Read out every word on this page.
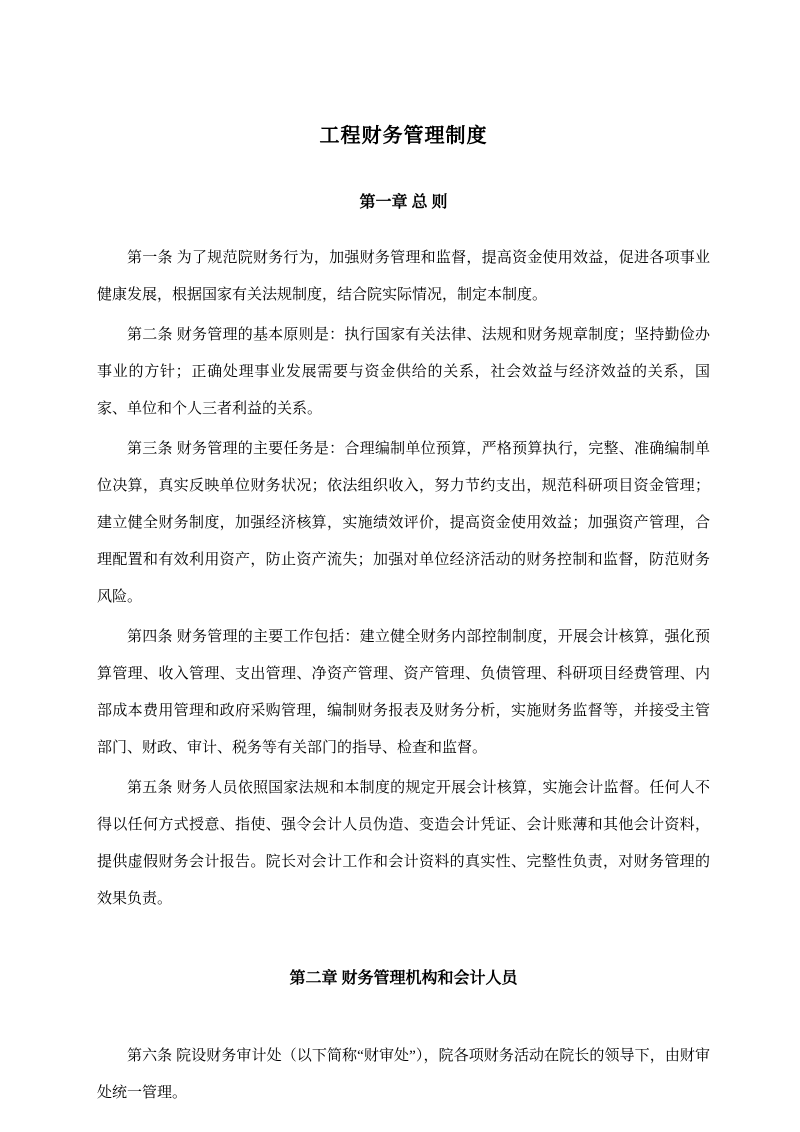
工程财务管理制度
第一章 总 则

第一条 为了规范院财务行为，加强财务管理和监督，提高资金使用效益，促进各项事业健康发展，根据国家有关法规制度，结合院实际情况，制定本制度。

第二条 财务管理的基本原则是：执行国家有关法律、法规和财务规章制度；坚持勤俭办事业的方针；正确处理事业发展需要与资金供给的关系，社会效益与经济效益的关系，国家、单位和个人三者利益的关系。

第三条 财务管理的主要任务是：合理编制单位预算，严格预算执行，完整、准确编制单位决算，真实反映单位财务状况；依法组织收入，努力节约支出，规范科研项目资金管理；建立健全财务制度，加强经济核算，实施绩效评价，提高资金使用效益；加强资产管理，合理配置和有效利用资产，防止资产流失；加强对单位经济活动的财务控制和监督，防范财务风险。

第四条 财务管理的主要工作包括：建立健全财务内部控制制度，开展会计核算，强化预算管理、收入管理、支出管理、净资产管理、资产管理、负债管理、科研项目经费管理、内部成本费用管理和政府采购管理，编制财务报表及财务分析，实施财务监督等，并接受主管部门、财政、审计、税务等有关部门的指导、检查和监督。

第五条 财务人员依照国家法规和本制度的规定开展会计核算，实施会计监督。任何人不得以任何方式授意、指使、强令会计人员伪造、变造会计凭证、会计账薄和其他会计资料，提供虚假财务会计报告。院长对会计工作和会计资料的真实性、完整性负责，对财务管理的效果负责。

第二章 财务管理机构和会计人员

第六条 院设财务审计处（以下简称“财审处”），院各项财务活动在院长的领导下，由财审处统一管理。
